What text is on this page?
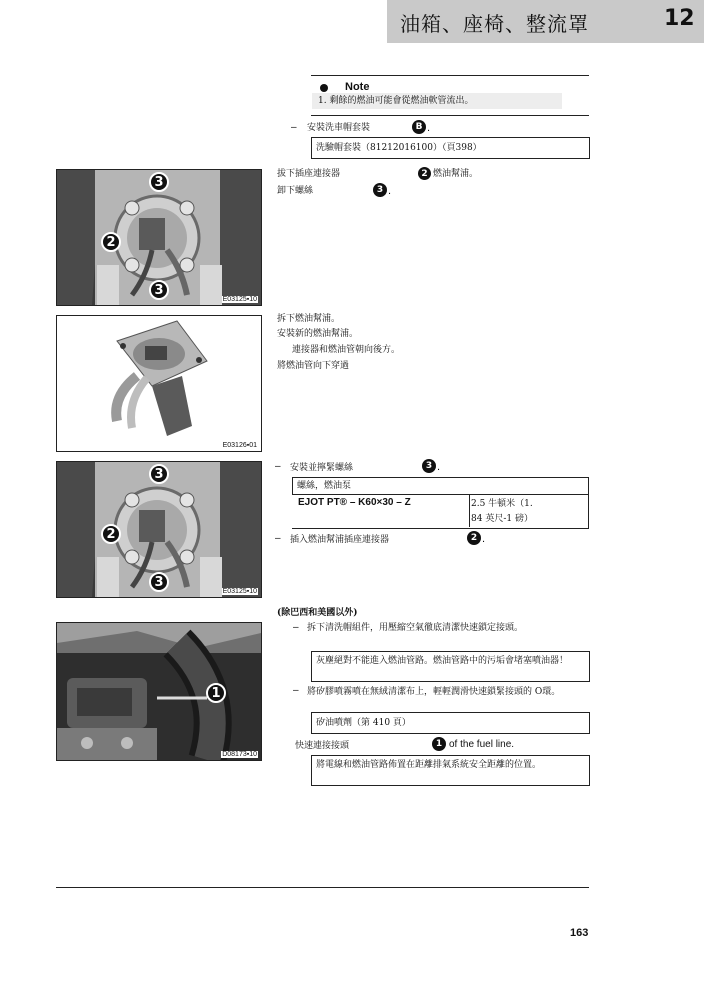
油箱、座椅、整流罩	12
Note
1. 剩餘的燃油可能會從燃油軟管流出。
– 安裝洗車帽套裝	B .
洗驗帽套裝（81212016100）（頁398）
3
2
3
E03125▪10
拔下插座連接器	2 燃油幫浦。
卸下螺絲	3 .
E03126▪01
拆下燃油幫浦。
安裝新的燃油幫浦。
連接器和燃油管朝向後方。
將燃油管向下穿過
3
2
3
E03125▪10
– 安裝並擰緊螺絲	3 .
螺絲，燃油泵
EJOT PT® – K60×30 – Z	2.5 牛頓米（1.
84 英尺-1 磅）
– 插入燃油幫浦插座連接器	2 .
(除巴西和美國以外)
1
D08173▪10
– 拆下清洗帽組件，用壓縮空氣徹底清潔快速鎖定接頭。
灰塵絕對不能進入燃油管路。燃油管路中的污垢會堵塞噴油器！
– 將矽膠噴霧噴在無絨清潔布上，輕輕潤滑快速鎖緊接頭的 O環。
矽油噴劑（第 410 頁）
快速連接接頭	1 of the fuel line.
將電線和燃油管路佈置在距離排氣系統安全距離的位置。
163
